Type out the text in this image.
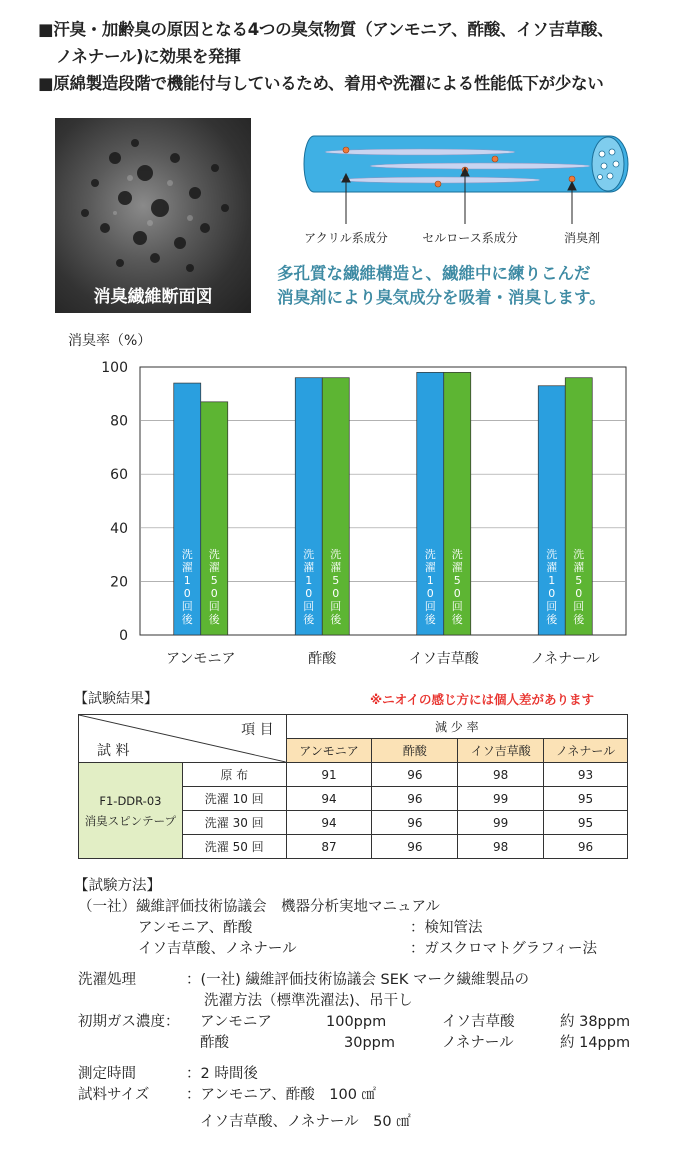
■汗臭・加齢臭の原因となる4つの臭気物質（アンモニア、酢酸、イソ吉草酸、
ノネナール)に効果を発揮
■原綿製造段階で機能付与しているため、着用や洗濯による性能低下が少ない
消臭繊維断面図
アクリル系成分	セルロース系成分	消臭剤
多孔質な繊維構造と、繊維中に練りこんだ
消臭剤により臭気成分を吸着・消臭します。
消臭率（%）
0
20
40
60
80
100
洗
濯
1
0
回
後
洗
濯
5
0
回
後
アンモニア
洗
濯
1
0
回
後
洗
濯
5
0
回
後
酢酸
洗
濯
1
0
回
後
洗
濯
5
0
回
後
イソ吉草酸
洗
濯
1
0
回
後
洗
濯
5
0
回
後
ノネナール
【試験結果】	※ニオイの感じ方には個人差があります
項 目
試 料		減 少 率			
		アンモニア	酢酸	イソ吉草酸	ノネナール

F1-DDR-03
消臭スピンテープ	原 布	91	96	98	93
	洗濯 10 回	94	96	99	95
	洗濯 30 回	94	96	99	95
	洗濯 50 回	87	96	98	96
【試験方法】
（一社）繊維評価技術協議会　機器分析実地マニュアル
アンモニア、酢酸	：検知管法
イソ吉草酸、ノネナール	：ガスクロマトグラフィー法
洗濯処理	：(一社) 繊維評価技術協議会 SEK マーク繊維製品の
洗濯方法（標準洗濯法)、吊干し
初期ガス濃度： アンモニア	100ppm	イソ吉草酸	約 38ppm
酢酸	30ppm	ノネナール	約 14ppm
測定時間	：2 時間後
試料サイズ	：アンモニア、酢酸　100 ㎠
イソ吉草酸、ノネナール　50 ㎠
